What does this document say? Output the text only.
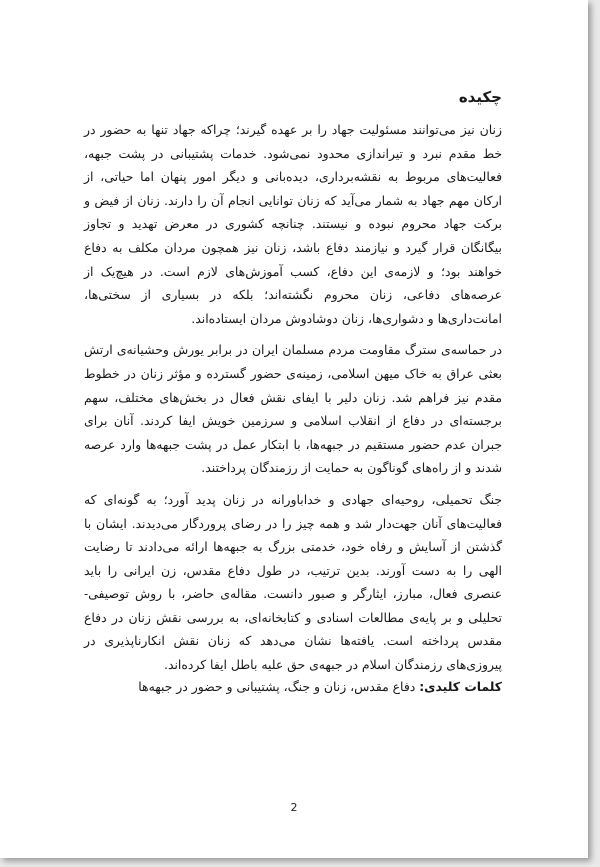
چکیده

زنان نیز می‌توانند مسئولیت جهاد را بر عهده گیرند؛ چراکه جهاد تنها به حضور در خط مقدم نبرد و تیراندازی محدود نمی‌شود. خدمات پشتیبانی در پشت جبهه، فعالیت‌های مربوط به نقشه‌برداری، دیده‌بانی و دیگر امور پنهان اما حیاتی، از ارکان مهم جهاد به شمار می‌آید که زنان توانایی انجام آن را دارند. زنان از فیض و برکت جهاد محروم نبوده و نیستند. چنانچه کشوری در معرض تهدید و تجاوز بیگانگان قرار گیرد و نیازمند دفاع باشد، زنان نیز همچون مردان مکلف به دفاع خواهند بود؛ و لازمه‌ی این دفاع، کسب آموزش‌های لازم است. در هیچ‌یک از عرصه‌های دفاعی، زنان محروم نگشته‌اند؛ بلکه در بسیاری از سختی‌ها، امانت‌داری‌ها و دشواری‌ها، زنان دوشادوش مردان ایستاده‌اند.

در حماسه‌ی سترگ مقاومت مردم مسلمان ایران در برابر یورش وحشیانه‌ی ارتش بعثی عراق به خاک میهن اسلامی، زمینه‌ی حضور گسترده و مؤثر زنان در خطوط مقدم نیز فراهم شد. زنان دلیر با ایفای نقش فعال در بخش‌های مختلف، سهم برجسته‌ای در دفاع از انقلاب اسلامی و سرزمین خویش ایفا کردند. آنان برای جبران عدم حضور مستقیم در جبهه‌ها، با ابتکار عمل در پشت جبهه‌ها وارد عرصه شدند و از راه‌های گوناگون به حمایت از رزمندگان پرداختند.

جنگ تحمیلی، روحیه‌ای جهادی و خداباورانه در زنان پدید آورد؛ به گونه‌ای که فعالیت‌های آنان جهت‌دار شد و همه چیز را در رضای پروردگار می‌دیدند. ایشان با گذشتن از آسایش و رفاه خود، خدمتی بزرگ به جبهه‌ها ارائه می‌دادند تا رضایت الهی را به دست آورند. بدین ترتیب، در طول دفاع مقدس، زن ایرانی را باید عنصری فعال، مبارز، ایثارگر و صبور دانست. مقاله‌ی حاضر، با روش توصیفی-تحلیلی و بر پایه‌ی مطالعات اسنادی و کتابخانه‌ای، به بررسی نقش زنان در دفاع مقدس پرداخته است. یافته‌ها نشان می‌دهد که زنان نقش انکارناپذیری در پیروزی‌های رزمندگان اسلام در جبهه‌ی حق علیه باطل ایفا کرده‌اند.

کلمات کلیدی: دفاع مقدس، زنان و جنگ، پشتیبانی و حضور در جبهه‌ها
2
